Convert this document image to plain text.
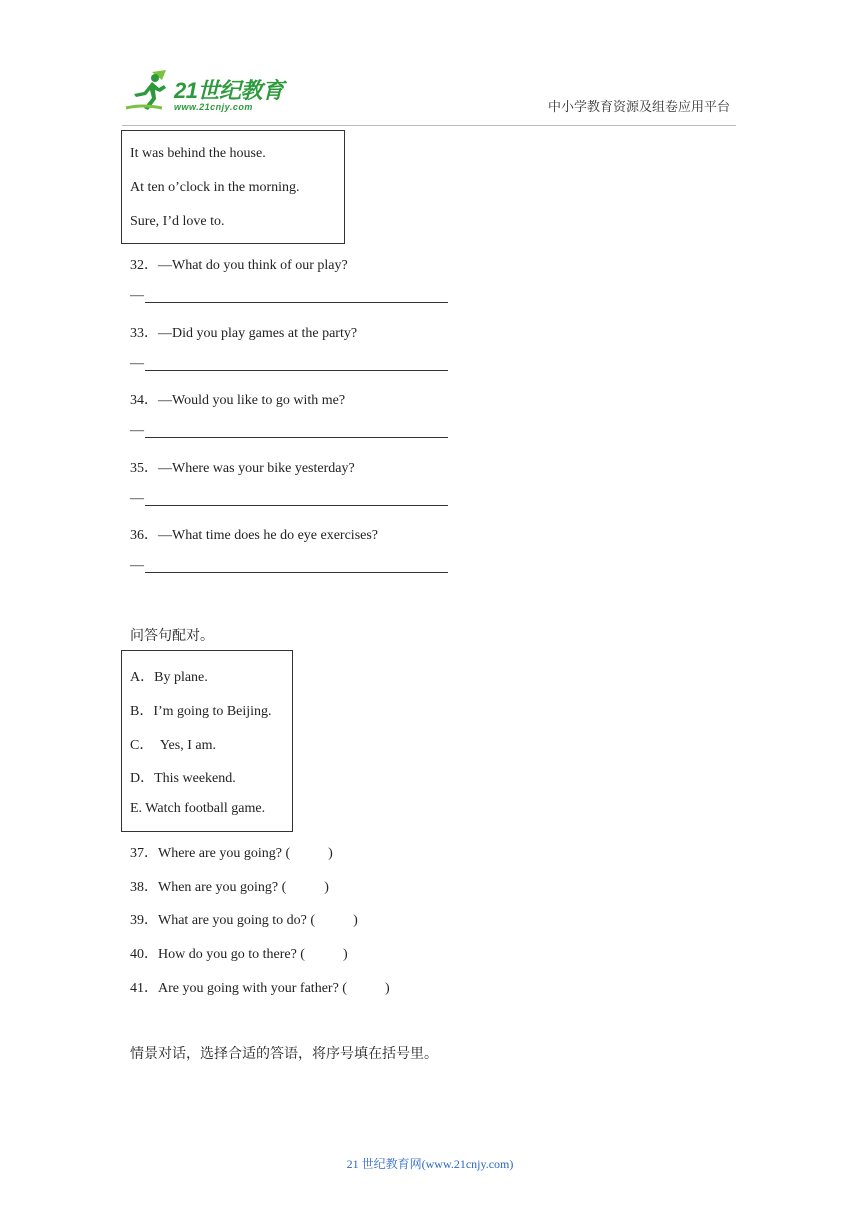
21世纪教育
www.21cnjy.com	中小学教育资源及组卷应用平台
It was behind the house.
At ten o’clock in the morning.
Sure, I’d love to.
32．—What do you think of our play?
—
33．—Did you play games at the party?
—
34．—Would you like to go with me?
—
35．—Where was your bike yesterday?
—
36．—What time does he do eye exercises?
—
问答句配对。
A．By plane.
B．I’m going to Beijing.
C．  Yes, I am.
D．This weekend.
E. Watch football game.
37．Where are you going? (	)
38．When are you going? (	)
39．What are you going to do? (	)
40．How do you go to there? (	)
41．Are you going with your father? (	)
情景对话，选择合适的答语，将序号填在括号里。
21 世纪教育网(www.21cnjy.com)
